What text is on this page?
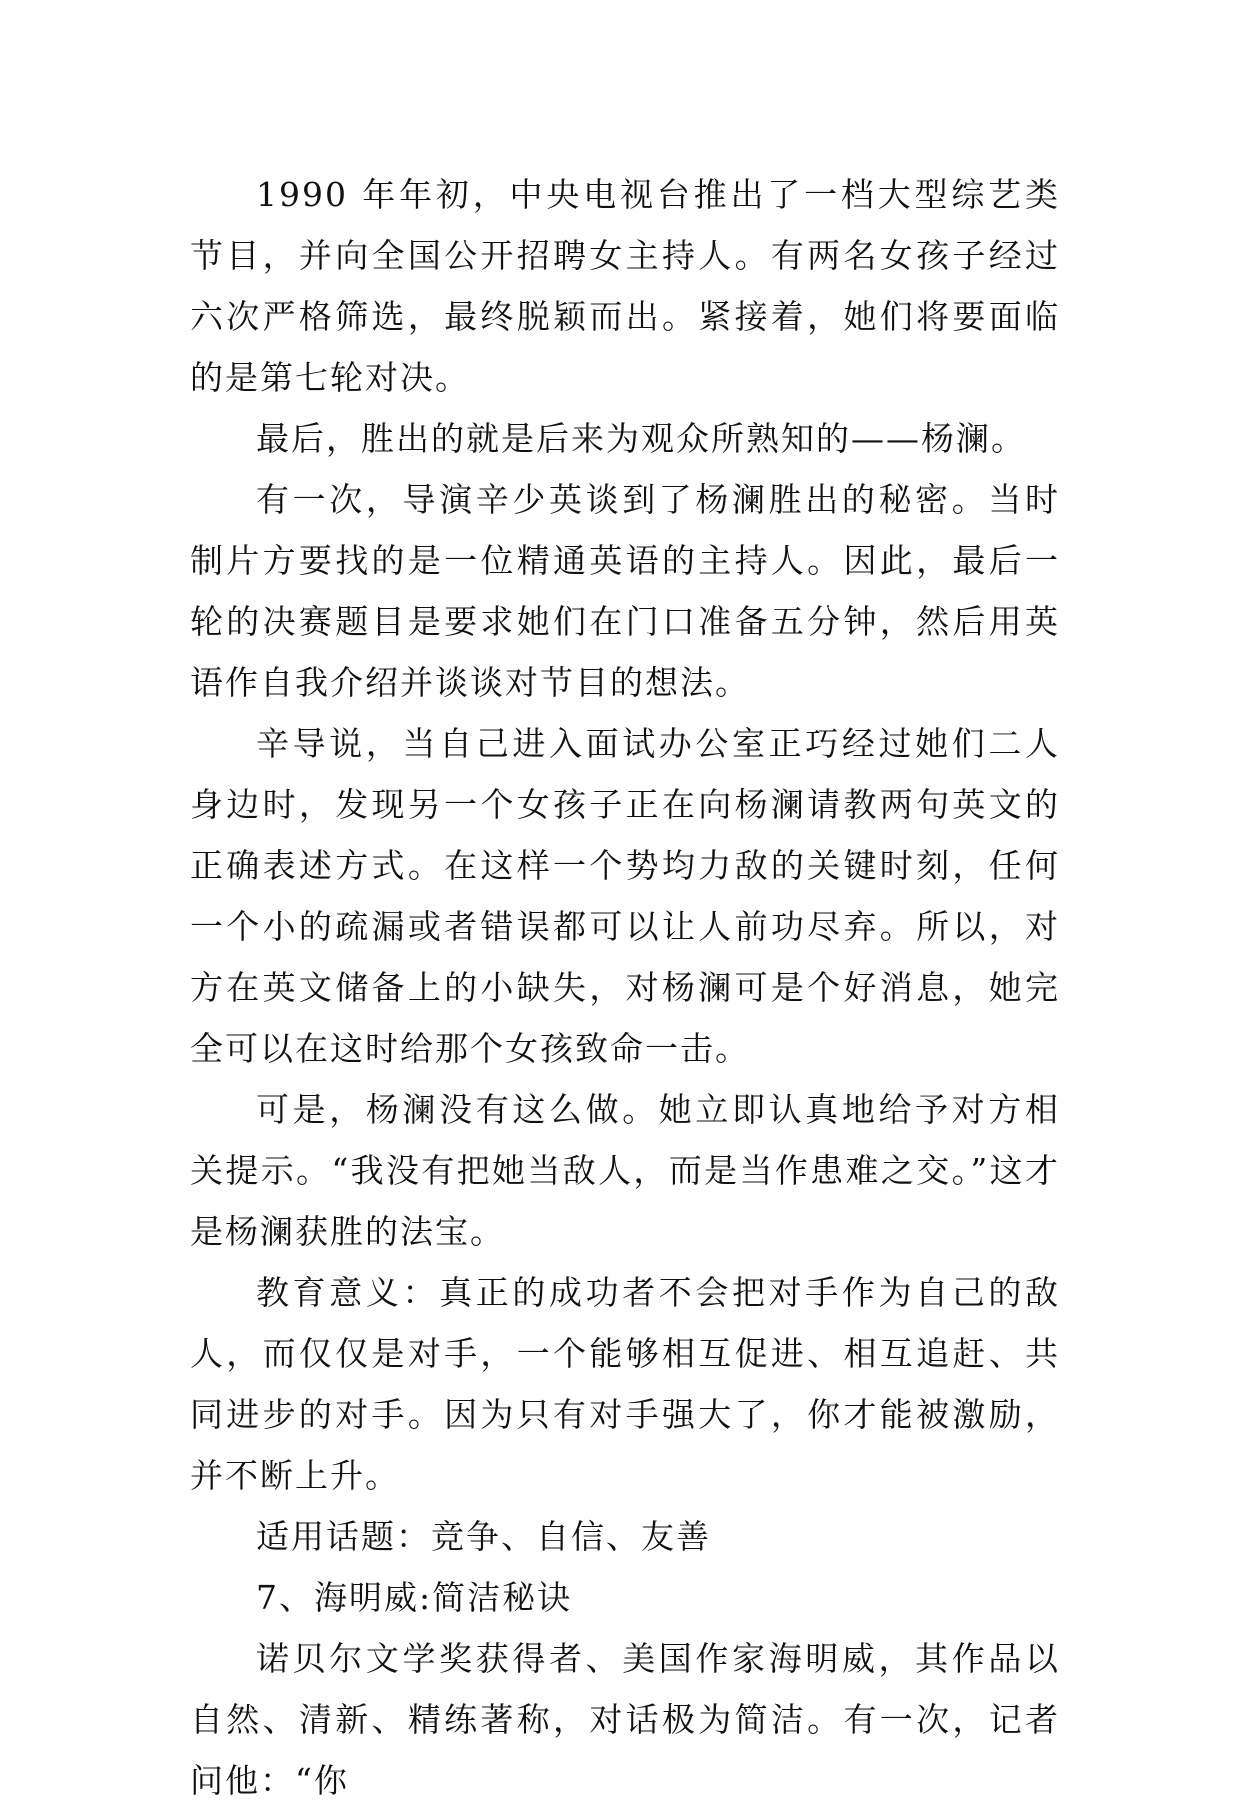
1990 年年初，中央电视台推出了一档大型综艺类节目，并向全国公开招聘女主持人。有两名女孩子经过六次严格筛选，最终脱颖而出。紧接着，她们将要面临的是第七轮对决。

最后，胜出的就是后来为观众所熟知的——杨澜。

有一次，导演辛少英谈到了杨澜胜出的秘密。当时制片方要找的是一位精通英语的主持人。因此，最后一轮的决赛题目是要求她们在门口准备五分钟，然后用英语作自我介绍并谈谈对节目的想法。

辛导说，当自己进入面试办公室正巧经过她们二人身边时，发现另一个女孩子正在向杨澜请教两句英文的正确表述方式。在这样一个势均力敌的关键时刻，任何一个小的疏漏或者错误都可以让人前功尽弃。所以，对方在英文储备上的小缺失，对杨澜可是个好消息，她完全可以在这时给那个女孩致命一击。

可是，杨澜没有这么做。她立即认真地给予对方相关提示。“我没有把她当敌人，而是当作患难之交。”这才是杨澜获胜的法宝。

教育意义：真正的成功者不会把对手作为自己的敌人，而仅仅是对手，一个能够相互促进、相互追赶、共同进步的对手。因为只有对手强大了，你才能被激励，并不断上升。

适用话题：竞争、自信、友善

7、海明威:简洁秘诀

诺贝尔文学奖获得者、美国作家海明威，其作品以自然、清新、精练著称，对话极为简洁。有一次，记者问他：“你
